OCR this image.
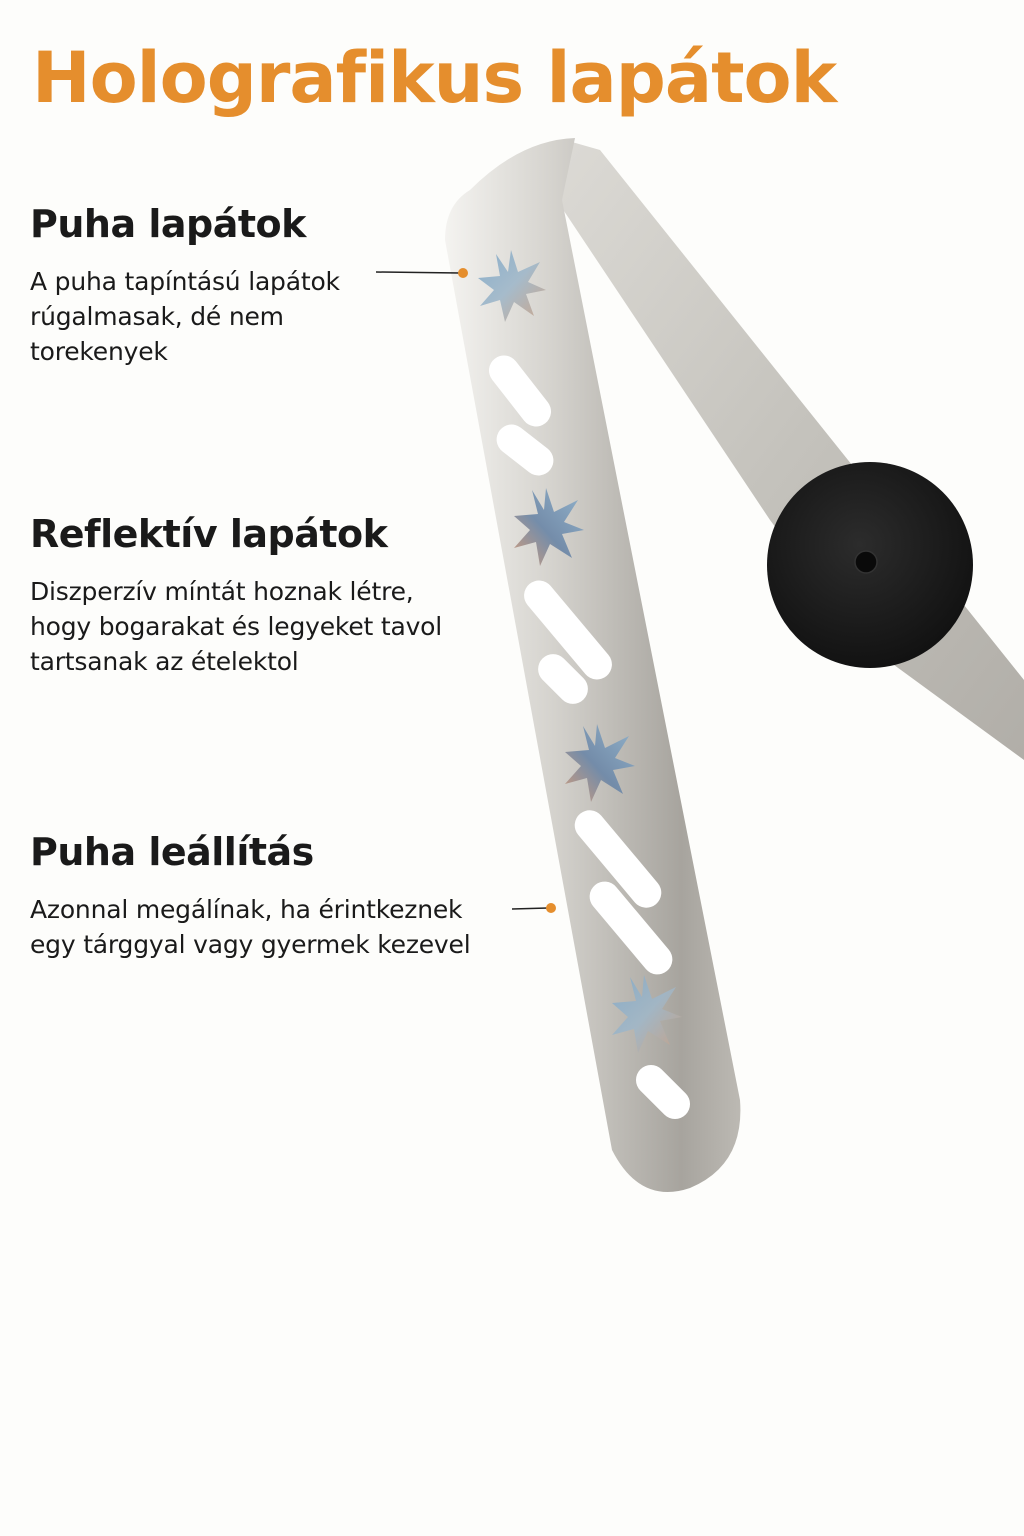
Holografikus lapátok
Puha lapátok

A puha tapíntású lapátok rúgalmasak, dé nem torekenyek

Reflektív lapátok

Diszperzív míntát hoznak létre, hogy bogarakat és legyeket tavol tartsanak az ételektol

Puha leállítás

Azonnal megálínak, ha érintkeznek egy tárggyal vagy gyermek kezevel
